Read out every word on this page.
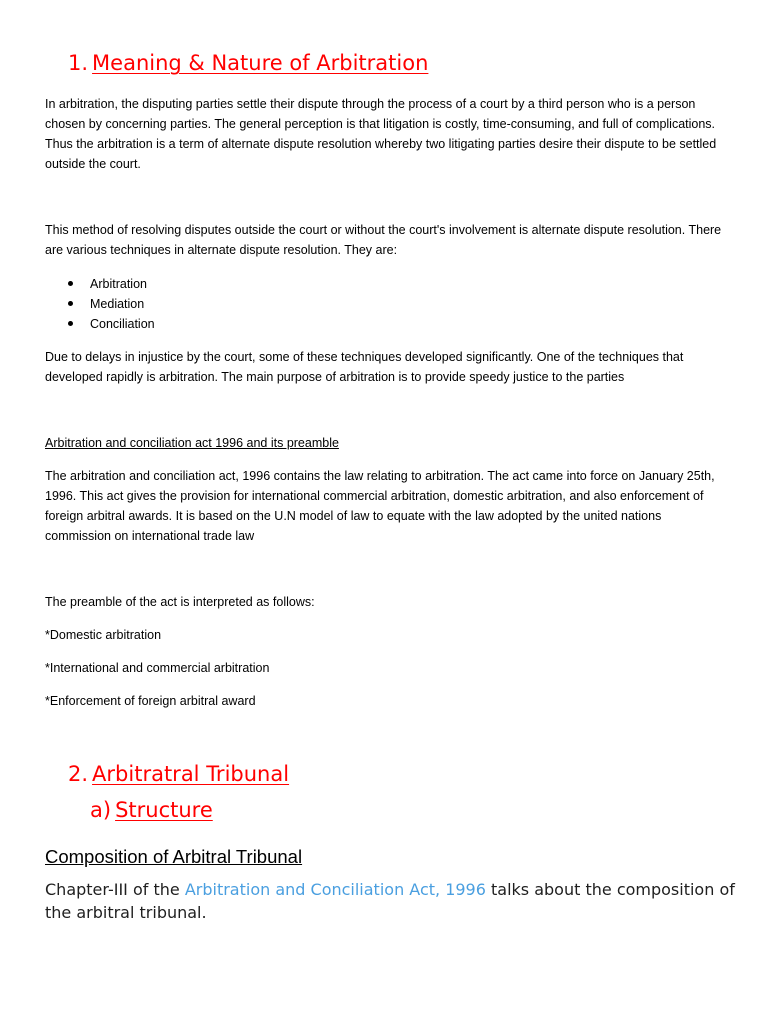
1. Meaning & Nature of Arbitration
In arbitration, the disputing parties settle their dispute through the process of a court by a third person who is a person chosen by concerning parties. The general perception is that litigation is costly, time-consuming, and full of complications. Thus the arbitration is a term of alternate dispute resolution whereby two litigating parties desire their dispute to be settled outside the court.
This method of resolving disputes outside the court or without the court's involvement is alternate dispute resolution. There are various techniques in alternate dispute resolution. They are:
Arbitration
Mediation
Conciliation
Due to delays in injustice by the court, some of these techniques developed significantly. One of the techniques that developed rapidly is arbitration. The main purpose of arbitration is to provide speedy justice to the parties
Arbitration and conciliation act 1996 and its preamble
The arbitration and conciliation act, 1996 contains the law relating to arbitration. The act came into force on January 25th, 1996. This act gives the provision for international commercial arbitration, domestic arbitration, and also enforcement of foreign arbitral awards. It is based on the U.N model of law to equate with the law adopted by the united nations commission on international trade law
The preamble of the act is interpreted as follows:
*Domestic arbitration
*International and commercial arbitration
*Enforcement of foreign arbitral award
2. Arbitratral Tribunal
a) Structure
Composition of Arbitral Tribunal
Chapter-III of the Arbitration and Conciliation Act, 1996 talks about the composition of the arbitral tribunal.
